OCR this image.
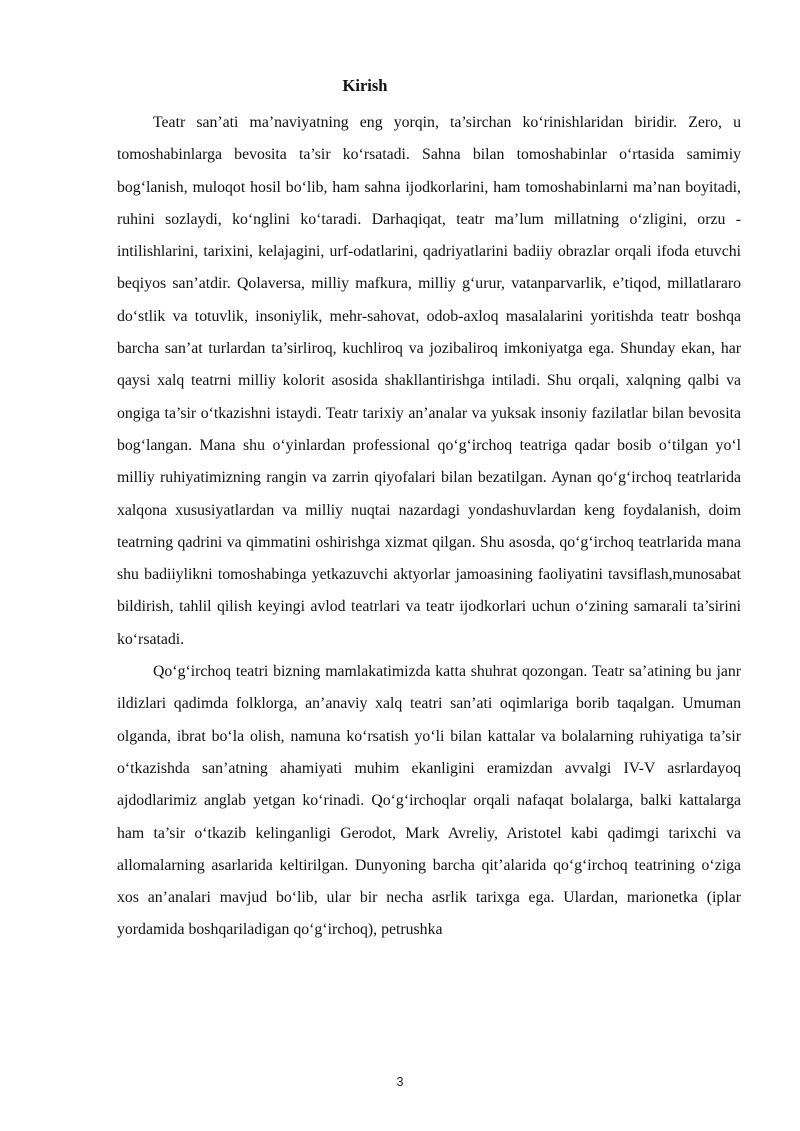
Kirish

Teatr san’ati ma’naviyatning eng yorqin, ta’sirchan ko‘rinishlaridan biridir. Zero, u tomoshabinlarga bevosita ta’sir ko‘rsatadi. Sahna bilan tomoshabinlar o‘rtasida samimiy bog‘lanish, muloqot hosil bo‘lib, ham sahna ijodkorlarini, ham tomoshabinlarni ma’nan boyitadi, ruhini sozlaydi, ko‘nglini ko‘taradi. Darhaqiqat, teatr ma’lum millatning o‘zligini, orzu - intilishlarini, tarixini, kelajagini, urf-odatlarini, qadriyatlarini badiiy obrazlar orqali ifoda etuvchi beqiyos san’atdir. Qolaversa, milliy mafkura, milliy g‘urur, vatanparvarlik, e’tiqod, millatlararo do‘stlik va totuvlik, insoniylik, mehr-sahovat, odob-axloq masalalarini yoritishda teatr boshqa barcha san’at turlardan ta’sirliroq, kuchliroq va jozibaliroq imkoniyatga ega. Shunday ekan, har qaysi xalq teatrni milliy kolorit asosida shakllantirishga intiladi. Shu orqali, xalqning qalbi va ongiga ta’sir o‘tkazishni istaydi. Teatr tarixiy an’analar va yuksak insoniy fazilatlar bilan bevosita bog‘langan. Mana shu o‘yinlardan professional qo‘g‘irchoq teatriga qadar bosib o‘tilgan yo‘l milliy ruhiyatimizning rangin va zarrin qiyofalari bilan bezatilgan. Aynan qo‘g‘irchoq teatrlarida xalqona xususiyatlardan va milliy nuqtai nazardagi yondashuvlardan keng foydalanish, doim teatrning qadrini va qimmatini oshirishga xizmat qilgan. Shu asosda, qo‘g‘irchoq teatrlarida mana shu badiiylikni tomoshabinga yetkazuvchi aktyorlar jamoasining faoliyatini tavsiflash,munosabat bildirish, tahlil qilish keyingi avlod teatrlari va teatr ijodkorlari uchun o‘zining samarali ta’sirini ko‘rsatadi.

Qo‘g‘irchoq teatri bizning mamlakatimizda katta shuhrat qozongan. Teatr sa’atining bu janr ildizlari qadimda folklorga, an’anaviy xalq teatri san’ati oqimlariga borib taqalgan. Umuman olganda, ibrat bo‘la olish, namuna ko‘rsatish yo‘li bilan kattalar va bolalarning ruhiyatiga ta’sir o‘tkazishda san’atning ahamiyati muhim ekanligini eramizdan avvalgi IV-V asrlardayoq ajdodlarimiz anglab yetgan ko‘rinadi. Qo‘g‘irchoqlar orqali nafaqat bolalarga, balki kattalarga ham ta’sir o‘tkazib kelinganligi Gerodot, Mark Avreliy, Aristotel kabi qadimgi tarixchi va allomalarning asarlarida keltirilgan. Dunyoning barcha qit’alarida qo‘g‘irchoq teatrining o‘ziga xos an’analari mavjud bo‘lib, ular bir necha asrlik tarixga ega. Ulardan, marionetka (iplar yordamida boshqariladigan qo‘g‘irchoq), petrushka

3
